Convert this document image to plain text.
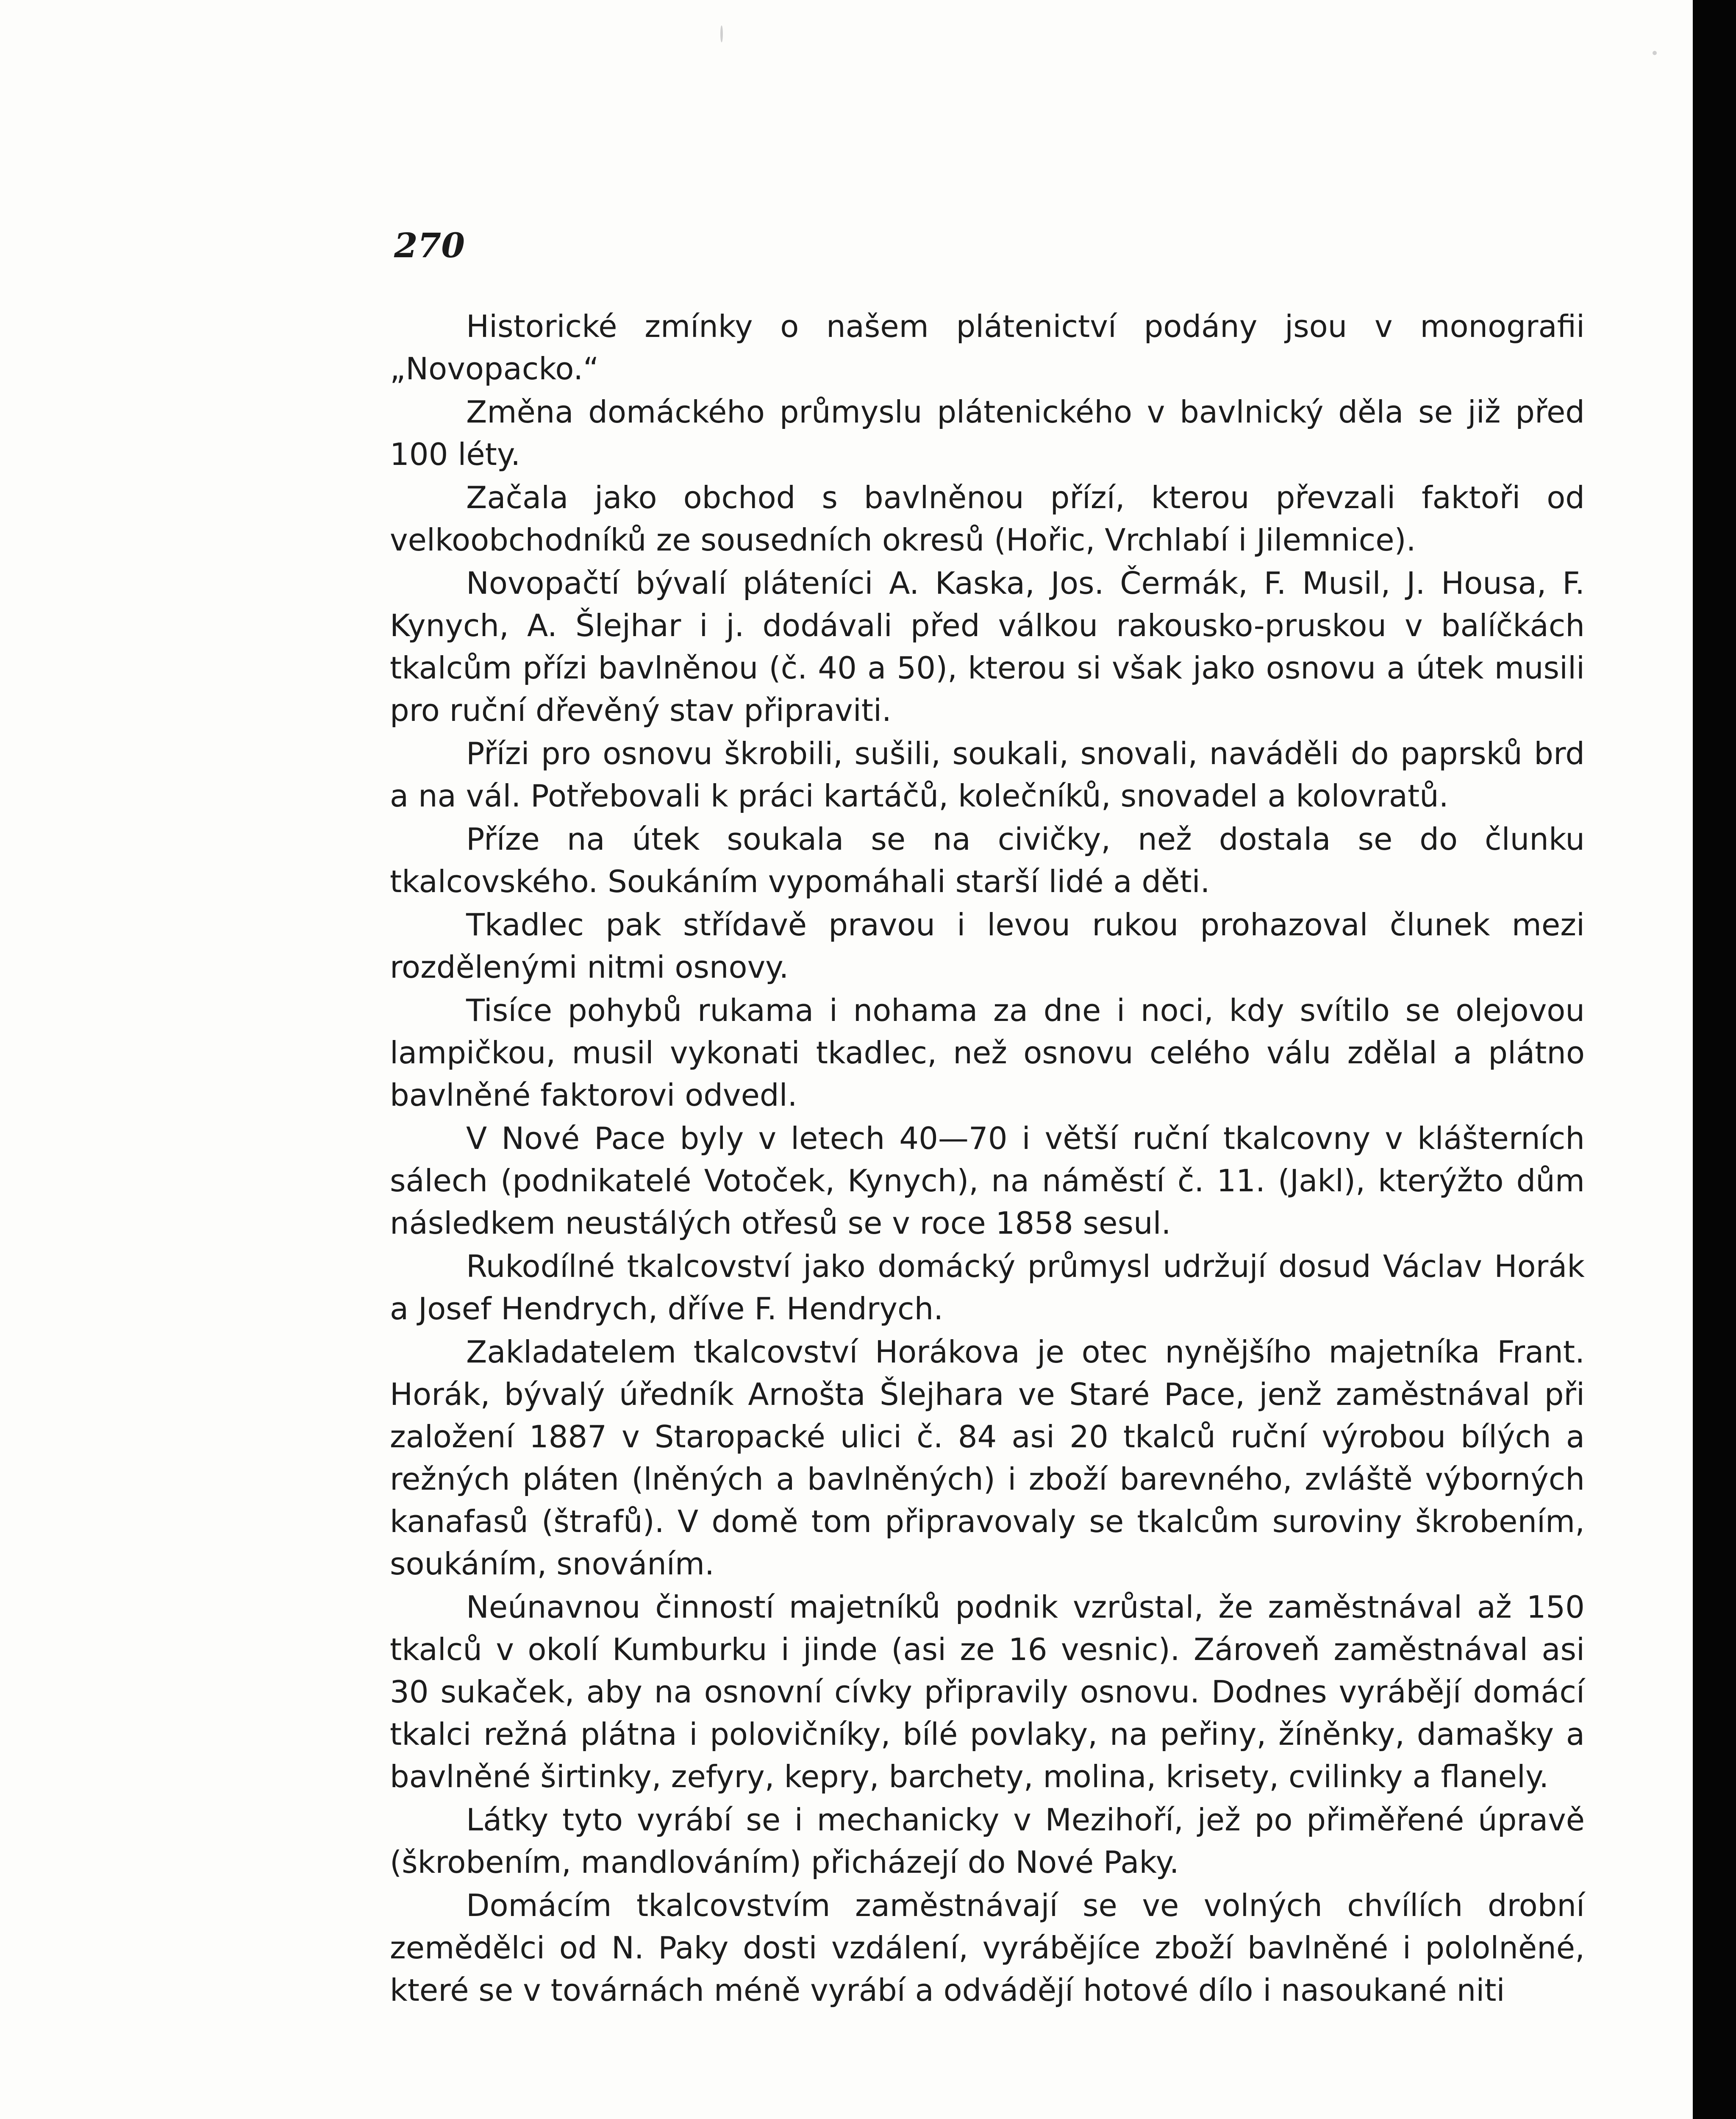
270

Historické zmínky o našem plátenictví podány jsou v monografii „Novopacko.“

Změna domáckého průmyslu plátenického v bavlnický děla se již před 100 léty.

Začala jako obchod s bavlněnou přízí, kterou převzali faktoři od velkoobchodníků ze sousedních okresů (Hořic, Vrchlabí i Jilemnice).

Novopačtí bývalí pláteníci A. Kaska, Jos. Čermák, F. Musil, J. Housa, F. Kynych, A. Šlejhar i j. dodávali před válkou rakousko-pruskou v balíčkách tkalcům přízi bavlněnou (č. 40 a 50), kterou si však jako osnovu a útek musili pro ruční dřevěný stav připraviti.

Přízi pro osnovu škrobili, sušili, soukali, snovali, naváděli do paprsků brd a na vál. Potřebovali k práci kartáčů, kolečníků, snovadel a kolovratů.

Příze na útek soukala se na civičky, než dostala se do člunku tkalcovského. Soukáním vypomáhali starší lidé a děti.

Tkadlec pak střídavě pravou i levou rukou prohazoval člunek mezi rozdělenými nitmi osnovy.

Tisíce pohybů rukama i nohama za dne i noci, kdy svítilo se olejovou lampičkou, musil vykonati tkadlec, než osnovu celého válu zdělal a plátno bavlněné faktorovi odvedl.

V Nové Pace byly v letech 40—70 i větší ruční tkalcovny v klášterních sálech (podnikatelé Votoček, Kynych), na náměstí č. 11. (Jakl), kterýžto dům následkem neustálých otřesů se v roce 1858 sesul.

Rukodílné tkalcovství jako domácký průmysl udržují dosud Václav Horák a Josef Hendrych, dříve F. Hendrych.

Zakladatelem tkalcovství Horákova je otec nynějšího majetníka Frant. Horák, bývalý úředník Arnošta Šlejhara ve Staré Pace, jenž zaměstnával při založení 1887 v Staropacké ulici č. 84 asi 20 tkalců ruční výrobou bílých a režných pláten (lněných a bavlněných) i zboží barevného, zvláště výborných kanafasů (štrafů). V domě tom připravovaly se tkalcům suroviny škrobením, soukáním, snováním.

Neúnavnou činností majetníků podnik vzrůstal, že zaměstnával až 150 tkalců v okolí Kumburku i jinde (asi ze 16 vesnic). Zároveň zaměstnával asi 30 sukaček, aby na osnovní cívky připravily osnovu. Dodnes vyrábějí domácí tkalci režná plátna i polovičníky, bílé povlaky, na peřiny, žíněnky, damašky a bavlněné širtinky, zefyry, kepry, barchety, molina, krisety, cvilinky a flanely.

Látky tyto vyrábí se i mechanicky v Mezihoří, jež po přiměřené úpravě (škrobením, mandlováním) přicházejí do Nové Paky.

Domácím tkalcovstvím zaměstnávají se ve volných chvílích drobní zemědělci od N. Paky dosti vzdálení, vyrábějíce zboží bavlněné i pololněné, které se v továrnách méně vyrábí a odvádějí hotové dílo i nasoukané niti
